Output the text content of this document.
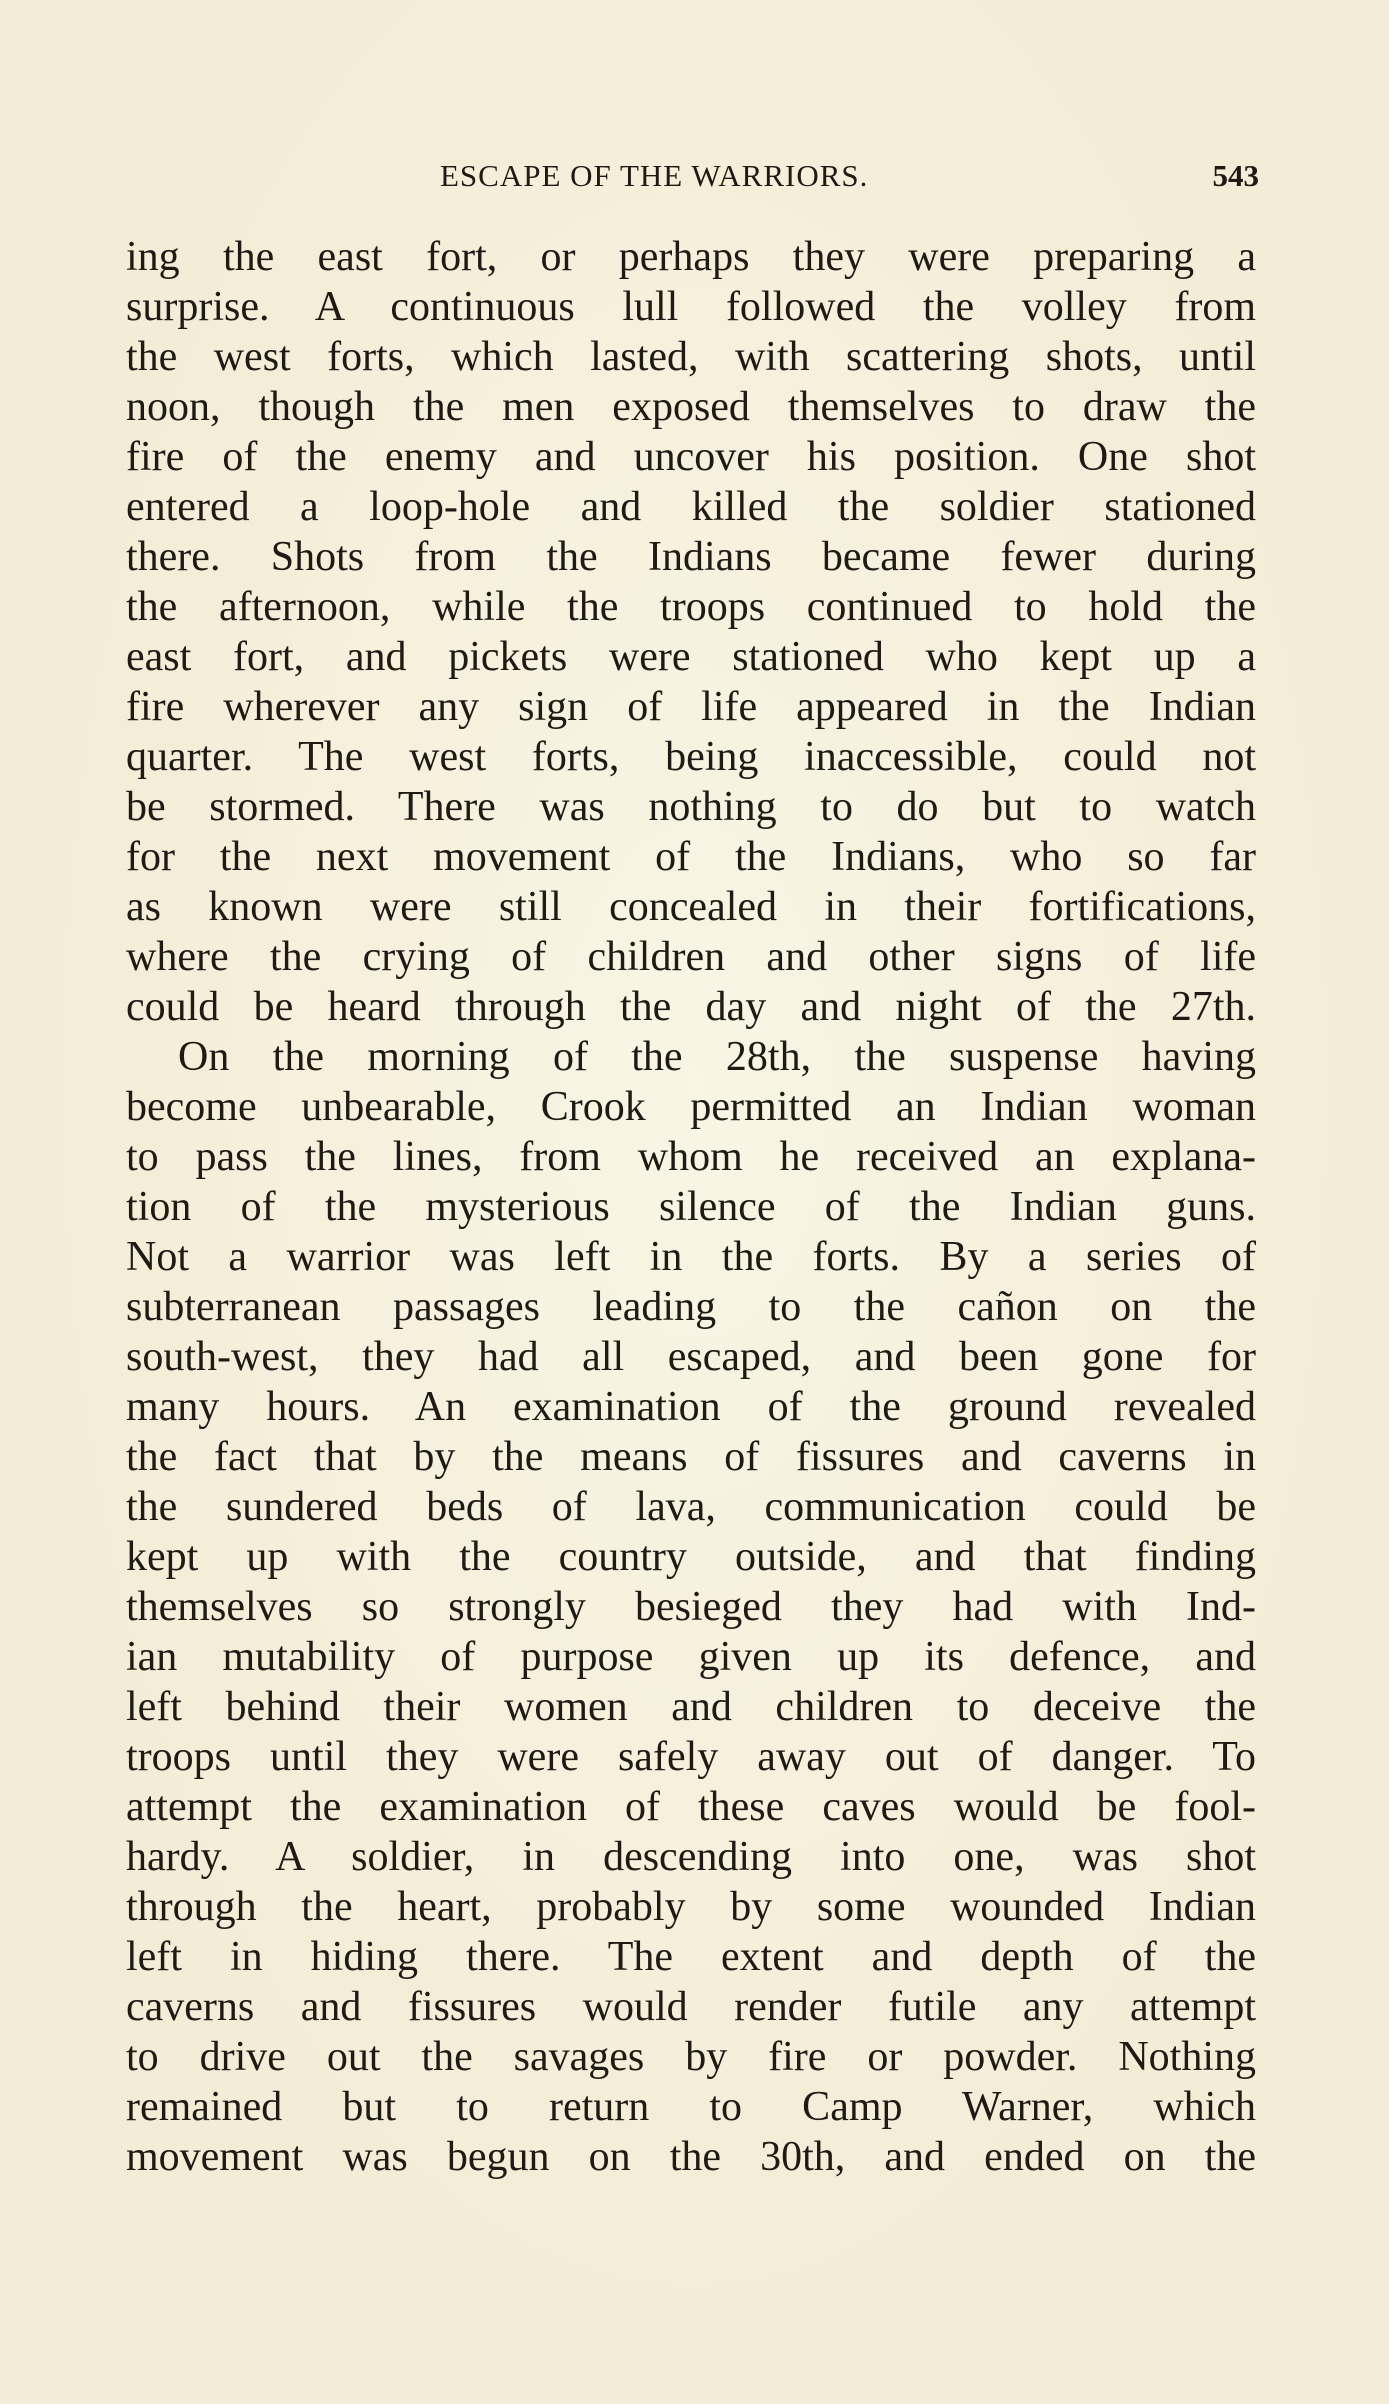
ESCAPE OF THE WARRIORS.	543
ing the east fort, or perhaps they were preparing a
surprise. A continuous lull followed the volley from
the west forts, which lasted, with scattering shots, until
noon, though the men exposed themselves to draw the
fire of the enemy and uncover his position. One shot
entered a loop-hole and killed the soldier stationed
there. Shots from the Indians became fewer during
the afternoon, while the troops continued to hold the
east fort, and pickets were stationed who kept up a
fire wherever any sign of life appeared in the Indian
quarter. The west forts, being inaccessible, could not
be stormed. There was nothing to do but to watch
for the next movement of the Indians, who so far
as known were still concealed in their fortifications,
where the crying of children and other signs of life
could be heard through the day and night of the 27th.
On the morning of the 28th, the suspense having
become unbearable, Crook permitted an Indian woman
to pass the lines, from whom he received an explana-
tion of the mysterious silence of the Indian guns.
Not a warrior was left in the forts. By a series of
subterranean passages leading to the cañon on the
south-west, they had all escaped, and been gone for
many hours. An examination of the ground revealed
the fact that by the means of fissures and caverns in
the sundered beds of lava, communication could be
kept up with the country outside, and that finding
themselves so strongly besieged they had with Ind-
ian mutability of purpose given up its defence, and
left behind their women and children to deceive the
troops until they were safely away out of danger. To
attempt the examination of these caves would be fool-
hardy. A soldier, in descending into one, was shot
through the heart, probably by some wounded Indian
left in hiding there. The extent and depth of the
caverns and fissures would render futile any attempt
to drive out the savages by fire or powder. Nothing
remained but to return to Camp Warner, which
movement was begun on the 30th, and ended on the
